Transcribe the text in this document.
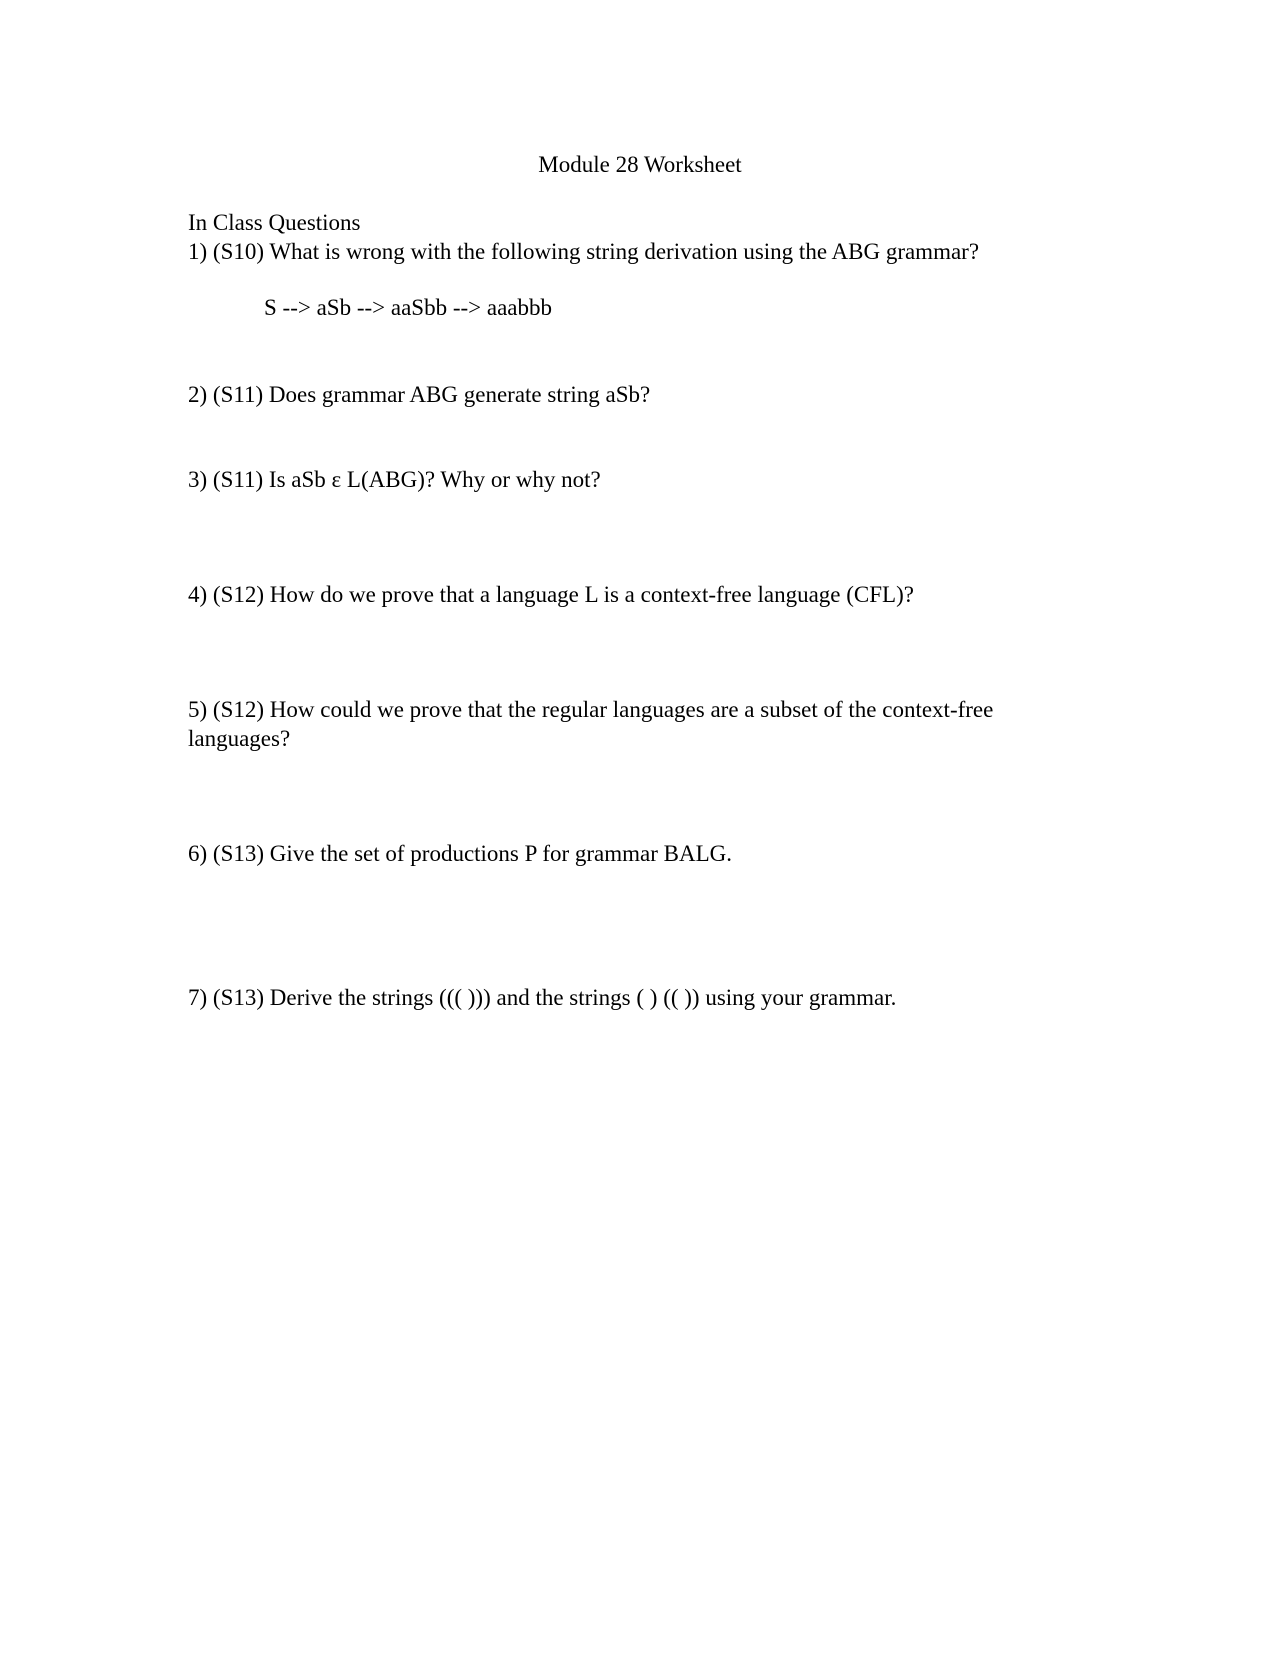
Module 28 Worksheet
In Class Questions
1) (S10) What is wrong with the following string derivation using the ABG grammar?
S --> aSb --> aaSbb --> aaabbb
2) (S11) Does grammar ABG generate string aSb?
3) (S11) Is aSb ε L(ABG)? Why or why not?
4) (S12) How do we prove that a language L is a context-free language (CFL)?
5) (S12) How could we prove that the regular languages are a subset of the context-free
languages?
6) (S13) Give the set of productions P for grammar BALG.
7) (S13) Derive the strings ((( ))) and the strings ( ) (( )) using your grammar.
